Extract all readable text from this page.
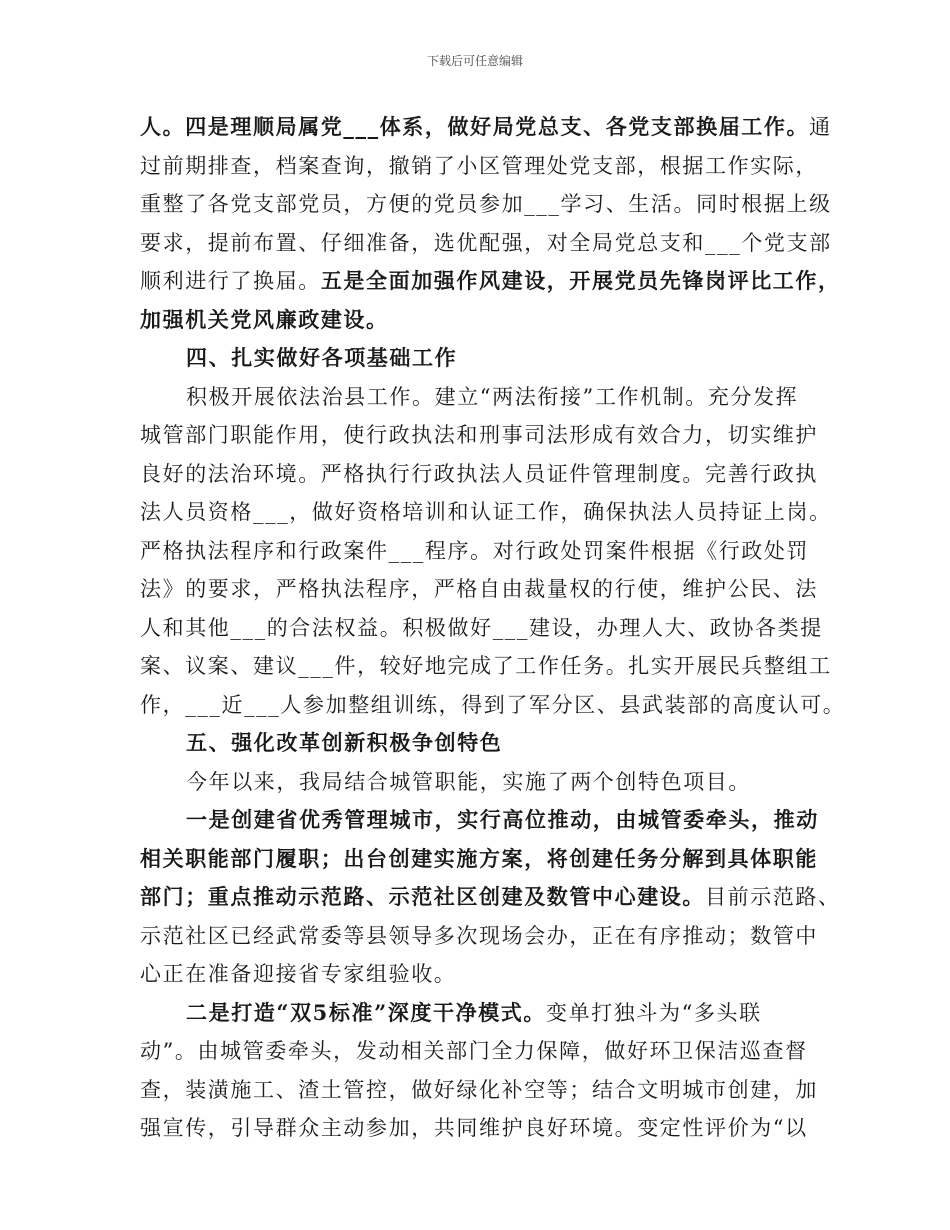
下载后可任意编辑
人。四是理顺局属党___体系，做好局党总支、各党支部换届工作。通
过前期排查，档案查询，撤销了小区管理处党支部，根据工作实际，
重整了各党支部党员，方便的党员参加___学习、生活。同时根据上级
要求，提前布置、仔细准备，选优配强，对全局党总支和___个党支部
顺利进行了换届。五是全面加强作风建设，开展党员先锋岗评比工作，
加强机关党风廉政建设。
四、扎实做好各项基础工作
积极开展依法治县工作。建立“两法衔接”工作机制。充分发挥
城管部门职能作用，使行政执法和刑事司法形成有效合力，切实维护
良好的法治环境。严格执行行政执法人员证件管理制度。完善行政执
法人员资格___，做好资格培训和认证工作，确保执法人员持证上岗。
严格执法程序和行政案件___程序。对行政处罚案件根据《行政处罚
法》的要求，严格执法程序，严格自由裁量权的行使，维护公民、法
人和其他___的合法权益。积极做好___建设，办理人大、政协各类提
案、议案、建议___件，较好地完成了工作任务。扎实开展民兵整组工
作，___近___人参加整组训练，得到了军分区、县武装部的高度认可。
五、强化改革创新积极争创特色
今年以来，我局结合城管职能，实施了两个创特色项目。
一是创建省优秀管理城市，实行高位推动，由城管委牵头，推动
相关职能部门履职；出台创建实施方案，将创建任务分解到具体职能
部门；重点推动示范路、示范社区创建及数管中心建设。目前示范路、
示范社区已经武常委等县领导多次现场会办，正在有序推动；数管中
心正在准备迎接省专家组验收。
二是打造“双5标准”深度干净模式。变单打独斗为“多头联
动”。由城管委牵头，发动相关部门全力保障，做好环卫保洁巡查督
查，装潢施工、渣土管控，做好绿化补空等；结合文明城市创建，加
强宣传，引导群众主动参加，共同维护良好环境。变定性评价为“以
